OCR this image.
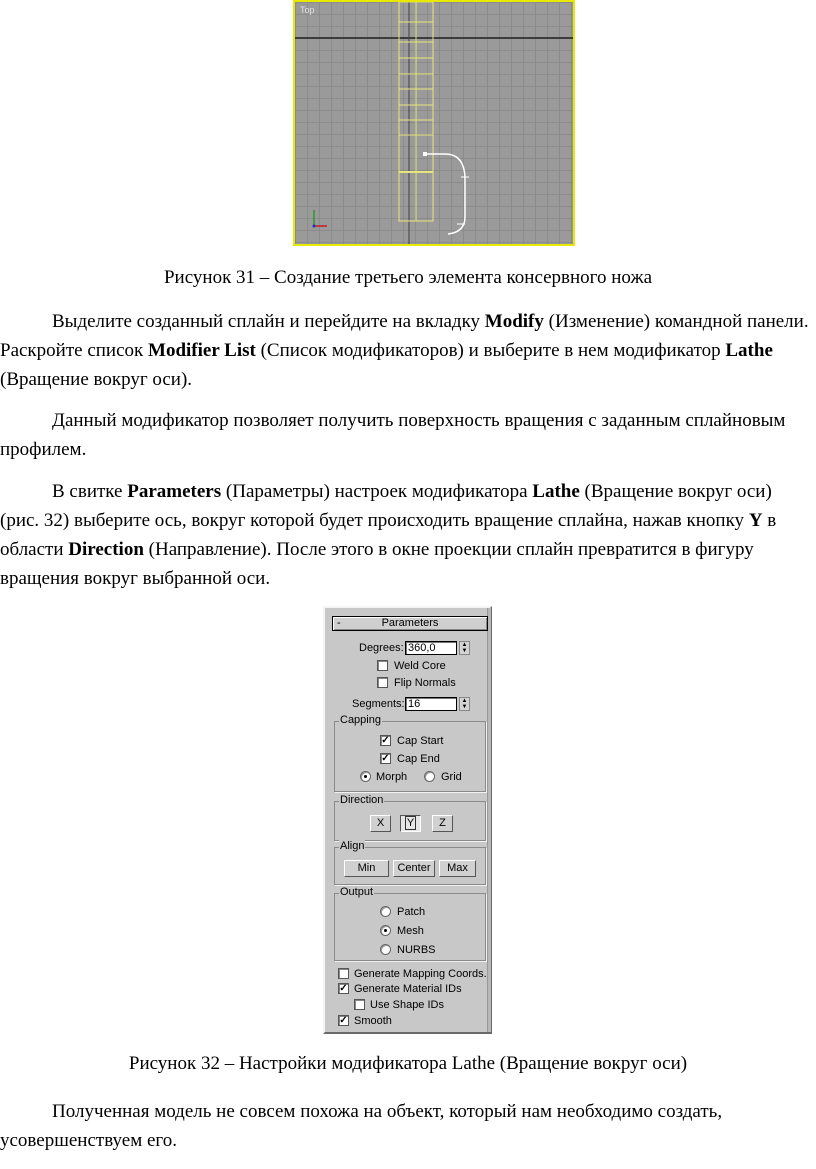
Top

Рисунок 31 – Создание третьего элемента консервного ножа

Выделите созданный сплайн и перейдите на вкладку Modify (Изменение) командной панели. Раскройте список Modifier List (Список модификаторов) и выберите в нем модификатор Lathe (Вращение вокруг оси).

Данный модификатор позволяет получить поверхность вращения с заданным сплайновым профилем.

В свитке Parameters (Параметры) настроек модификатора Lathe (Вращение вокруг оси) (рис. 32) выберите ось, вокруг которой будет происходить вращение сплайна, нажав кнопку Y в области Direction (Направление). После этого в окне проекции сплайн превратится в фигуру вращения вокруг выбранной оси.

-	Parameters
Degrees: 360,0	▲
▼
Weld Core
Flip Normals
Segments: 16	▲
▼
Capping
✓ Cap Start
✓ Cap End
Morph	Grid
Direction
X	Y	Z
Align
Min	Center	Max
Output
Patch
Mesh
NURBS
Generate Mapping Coords.
✓ Generate Material IDs
Use Shape IDs
✓ Smooth

Рисунок 32 – Настройки модификатора Lathe (Вращение вокруг оси)

Полученная модель не совсем похожа на объект, который нам необходимо создать, усовершенствуем его.
